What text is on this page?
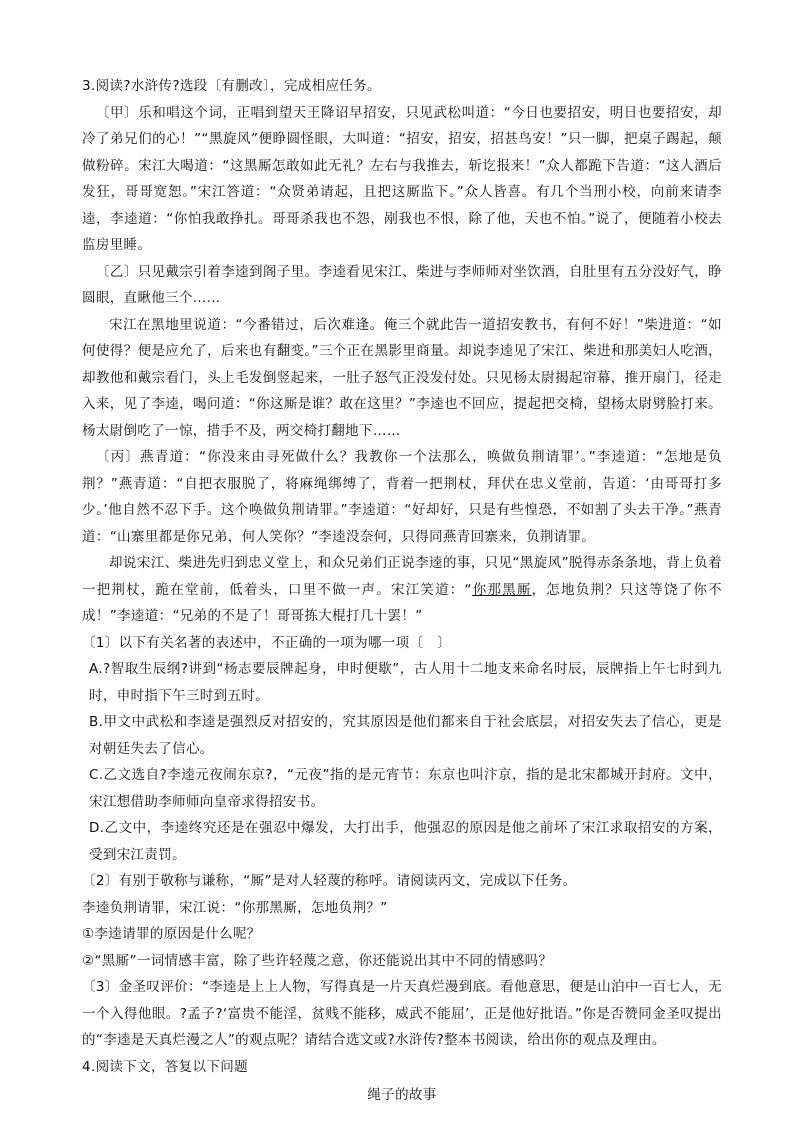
3.阅读?水浒传?选段〔有删改〕，完成相应任务。

〔甲〕乐和唱这个词，正唱到望天王降诏早招安，只见武松叫道：“今日也要招安，明日也要招安，却冷了弟兄们的心！”“黑旋风”便睁圆怪眼，大叫道：“招安，招安，招甚鸟安！”只一脚，把桌子踢起，颠做粉碎。宋江大喝道：“这黑厮怎敢如此无礼？左右与我推去，斩讫报来！”众人都跪下告道：“这人酒后发狂，哥哥宽恕。”宋江答道：“众贤弟请起，且把这厮监下。”众人皆喜。有几个当刑小校，向前来请李逵，李逵道：“你怕我敢挣扎。哥哥杀我也不怨，剐我也不恨，除了他，天也不怕。”说了，便随着小校去监房里睡。

〔乙〕只见戴宗引着李逵到阁子里。李逵看见宋江、柴进与李师师对坐饮酒，自肚里有五分没好气，睁圆眼，直瞅他三个……

宋江在黑地里说道：“今番错过，后次难逢。俺三个就此告一道招安教书，有何不好！”柴进道：“如何使得？便是应允了，后来也有翻变。”三个正在黑影里商量。却说李逵见了宋江、柴进和那美妇人吃酒，却教他和戴宗看门，头上毛发倒竖起来，一肚子怒气正没发付处。只见杨太尉揭起帘幕，推开扇门，径走入来，见了李逵，喝问道：“你这厮是谁？敢在这里？”李逵也不回应，提起把交椅，望杨太尉劈脸打来。杨太尉倒吃了一惊，措手不及，两交椅打翻地下……

〔丙〕燕青道：“你没来由寻死做什么？我教你一个法那么，唤做负荆请罪’。”李逵道：“怎地是负荆？”燕青道：“自把衣服脱了，将麻绳绑缚了，背着一把荆杖，拜伏在忠义堂前，告道：‘由哥哥打多少。’他自然不忍下手。这个唤做负荆请罪。”李逵道：“好却好，只是有些惶恐，不如割了头去干净。”燕青道：“山寨里都是你兄弟，何人笑你？”李逵没奈何，只得同燕青回寨来，负荆请罪。

却说宋江、柴进先归到忠义堂上，和众兄弟们正说李逵的事，只见“黑旋风”脱得赤条条地，背上负着一把荆杖，跪在堂前，低着头，口里不做一声。宋江笑道：“你那黑厮，怎地负荆？只这等饶了你不成！”李逵道：“兄弟的不是了！哥哥拣大棍打几十罢！”

〔1〕以下有关名著的表述中，不正确的一项为哪一项〔　〕

A.?智取生辰纲?讲到“杨志要辰牌起身，申时便歇”，古人用十二地支来命名时辰，辰牌指上午七时到九时，申时指下午三时到五时。

B.甲文中武松和李逵是强烈反对招安的，究其原因是他们都来自于社会底层，对招安失去了信心，更是对朝廷失去了信心。

C.乙文选自?李逵元夜闹东京?，“元夜”指的是元宵节：东京也叫汴京，指的是北宋都城开封府。文中，宋江想借助李师师向皇帝求得招安书。

D.乙文中，李逵终究还是在强忍中爆发，大打出手，他强忍的原因是他之前坏了宋江求取招安的方案，受到宋江责罚。

〔2〕有别于敬称与谦称，“厮”是对人轻蔑的称呼。请阅读丙文，完成以下任务。

李逵负荆请罪，宋江说：“你那黑厮，怎地负荆？”

①李逵请罪的原因是什么呢？

②“黑厮”一词情感丰富，除了些许轻蔑之意，你还能说出其中不同的情感吗？

〔3〕金圣叹评价：“李逵是上上人物，写得真是一片天真烂漫到底。看他意思，便是山泊中一百七人，无一个入得他眼。?孟子?‘富贵不能淫，贫贱不能移，威武不能屈’，正是他好批语。”你是否赞同金圣叹提出的“李逵是天真烂漫之人”的观点呢？请结合选文或?水浒传?整本书阅读，给出你的观点及理由。

4.阅读下文，答复以下问题

绳子的故事
